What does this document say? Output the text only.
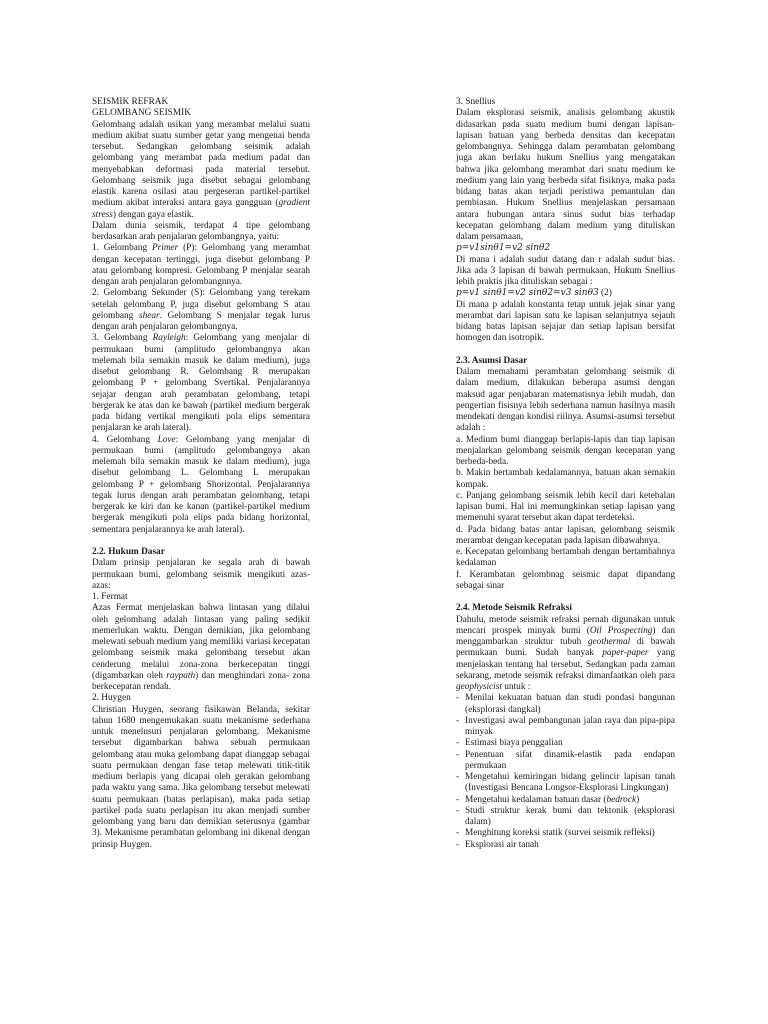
SEISMIK REFRAK

GELOMBANG SEISMIK

Gelombang adalah usikan yang merambat melalui suatu medium akibat suatu sumber getar yang mengenai benda tersebut. Sedangkan gelombang seismik adalah gelombang yang merambat pada medium padat dan menyebabkan deformasi pada material tersebut. Gelombang seismik juga disebut sebagai gelombang elastik karena osilasi atau pergeseran partikel-partikel medium akibat interaksi antara gaya gangguan (gradient stress) dengan gaya elastik.

Dalam dunia seismik, terdapat 4 tipe gelombang berdasarkan arah penjalaran gelombangnya, yaitu:

1. Gelombang Primer (P): Gelombang yang merambat dengan kecepatan tertinggi, juga disebut gelombang P atau gelombang kompresi. Gelombang P menjalar searah dengan arah penjalaran gelombangnnya.

2. Gelombang Sekunder (S): Gelombang yang terekam setelah gelombang P, juga disebut gelombang S atau gelombang shear. Gelombang S menjalar tegak lurus dengan arah penjalaran gelombangnya.

3. Gelombang Rayleigh: Gelombang yang menjalar di permukaan bumi (amplitudo gelombangnya akan melemah bila semakin masuk ke dalam medium), juga disebut gelombang R. Gelombang R merupakan gelombang P + gelombang Svertikal. Penjalarannya sejajar dengan arah perambatan gelombang, tetapi bergerak ke atas dan ke bawah (partikel medium bergerak pada bidang vertikal mengikuti pola elips sementara penjalaran ke arah lateral).

4. Gelombang Love: Gelombang yang menjalar di permukaan bumi (amplitudo gelombangnya akan melemah bila semakin masuk ke dalam medium), juga disebut gelombang L. Gelombang L merupakan gelombang P + gelombang Shorizontal. Penjalarannya tegak lurus dengan arah perambatan gelombang, tetapi bergerak ke kiri dan ke kanan (partikel-partikel medium bergerak mengikuti pola elips pada bidang horizontal, sementara penjalarannya ke arah lateral).

2.2. Hukum Dasar

Dalam prinsip penjalaran ke segala arah di bawah permukaan bumi, gelombang seismik mengikuti azas-azas:

1. Fermat

Azas Fermat menjelaskan bahwa lintasan yang dilalui oleh gelombang adalah lintasan yang paling sedikit memerlukan waktu. Dengan demikian, jika gelombang melewati sebuah medium yang memiliki variasi kecepatan gelombang seismik maka gelombang tersebut akan cenderung melalui zona-zona berkecepatan tinggi (digambarkan oleh raypath) dan menghindari zona- zona berkecepatan rendah.

2. Huygen

Christian Huygen, seorang fisikawan Belanda, sekitar tahun 1680 mengemukakan suatu mekanisme sederhana untuk menelusuri penjalaran gelombang. Mekanisme tersebut digambarkan bahwa sebuah permukaan gelombang atau muka gelombang dapat dianggap sebagai suatu permukaan dengan fase tetap melewati titik-titik medium berlapis yang dicapai oleh gerakan gelombang pada waktu yang sama. Jika gelombang tersebut melewati suatu permukaan (batas perlapisan), maka pada setiap partikel pada suatu perlapisan itu akan menjadi sumber gelombang yang baru dan demikian seterusnya (gambar 3). Mekanisme perambatan gelombang ini dikenal dengan prinsip Huygen.

3. Snellius

Dalam eksplorasi seismik, analisis gelombang akustik didasarkan pada suatu medium bumi dengan lapisan-lapisan batuan yang berbeda densitas dan kecepatan gelombangnya. Sehingga dalam perambatan gelombang juga akan berlaku hukum Snellius yang mengatakan bahwa jika gelombang merambat dari suatu medium ke medium yang lain yang berbeda sifat fisiknya, maka pada bidang batas akan terjadi peristiwa pemantulan dan pembiasan. Hukum Snellius menjelaskan persamaan antara hubungan antara sinus sudut bias terhadap kecepatan gelombang dalam medium yang dituliskan dalam persamaan,

p=v1sinθ1=v2 sinθ2

Di mana i adalah sudut datang dan r adalah sudut bias. Jika ada 3 lapisan di bawah permukaan, Hukum Snellius lebih praktis jika dituliskan sebagai :

p=v1 sinθ1=v2 sinθ2=v3 sinθ3 (2)

Di mana p adalah konstanta tetap untuk jejak sinar yang merambat dari lapisan satu ke lapisan selanjutnya sejauh bidang batas lapisan sejajar dan setiap lapisan bersifat homogen dan isotropik.

2.3. Asumsi Dasar

Dalam memahami perambatan gelombang seismik di dalam medium, dilakukan beberapa asumsi dengan maksud agar penjabaran matematisnya lebih mudah, dan pengertian fisisnya lebih sederhana namun hasilnya masih mendekati dengan kondisi riilnya. Asumsi-asumsi tersebut adalah :

a. Medium bumi dianggap berlapis-lapis dan tiap lapisan menjalarkan gelombang seismik dengan kecepatan yang berbeda-beda.

b. Makin bertambah kedalamannya, batuan akan semakin kompak.

c. Panjang gelombang seismik lebih kecil dari ketebalan lapisan bumi. Hal ini memungkinkan setiap lapisan yang memenuhi syarat tersebut akan dapat terdeteksi.

d. Pada bidang batas antar lapisan, gelombang seismik merambat dengan kecepatan pada lapisan dibawahnya.

e. Kecepatan gelombang bertambah dengan bertambahnya kedalaman

f. Kerambatan gelombnag seismic dapat dipandang sebagai sinar

2.4. Metode Seismik Refraksi

Dahulu, metode seismik refraksi pernah digunakan untuk mencari prospek minyak bumi (Oil Prospecting) dan menggambarkan struktur tubuh geothermal di bawah permukaan bumi. Sudah banyak paper-paper yang menjelaskan tentang hal tersebut. Sedangkan pada zaman sekarang, metode seismik refraksi dimanfaatkan oleh para geophysicist untuk :

- Menilai kekuatan batuan dan studi pondasi bangunan (eksplorasi dangkal)
- Investigasi awal pembangunan jalan raya dan pipa-pipa minyak
- Estimasi biaya penggalian
- Penentuan sifat dinamik-elastik pada endapan permukaan
- Mengetahui kemiringan bidang gelincir lapisan tanah (Investigasi Bencana Longsor-Eksplorasi Lingkungan)
- Mengetahui kedalaman batuan dasar (bedrock)
- Studi struktur kerak bumi dan tektonik (eksplorasi dalam)
- Menghitung koreksi statik (survei seismik refleksi)
- Eksplorasi air tanah
